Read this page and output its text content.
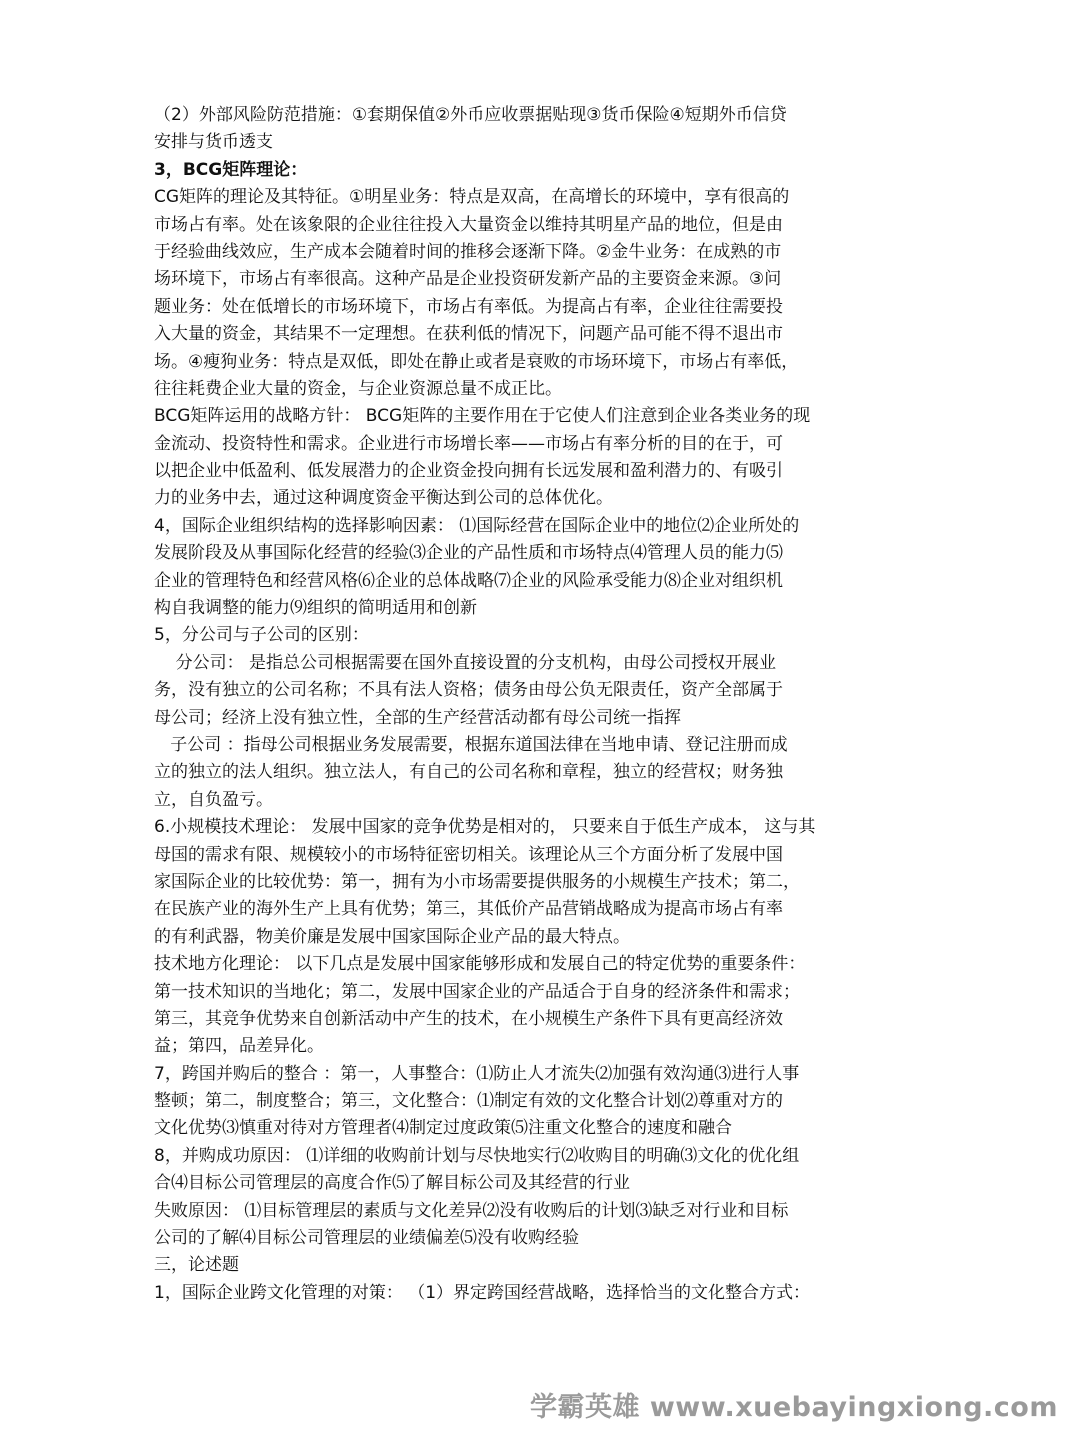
（2）外部风险防范措施：①套期保值②外币应收票据贴现③货币保险④短期外币信贷

安排与货币透支

3，BCG矩阵理论：

CG矩阵的理论及其特征。①明星业务：特点是双高，在高增长的环境中，享有很高的

市场占有率。处在该象限的企业往往投入大量资金以维持其明星产品的地位，但是由

于经验曲线效应，生产成本会随着时间的推移会逐渐下降。②金牛业务：在成熟的市

场环境下，市场占有率很高。这种产品是企业投资研发新产品的主要资金来源。③问

题业务：处在低增长的市场环境下，市场占有率低。为提高占有率，企业往往需要投

入大量的资金，其结果不一定理想。在获利低的情况下，问题产品可能不得不退出市

场。④瘦狗业务：特点是双低，即处在静止或者是衰败的市场环境下，市场占有率低，

往往耗费企业大量的资金，与企业资源总量不成正比。

BCG矩阵运用的战略方针： BCG矩阵的主要作用在于它使人们注意到企业各类业务的现

金流动、投资特性和需求。企业进行市场增长率——市场占有率分析的目的在于，可

以把企业中低盈利、低发展潜力的企业资金投向拥有长远发展和盈利潜力的、有吸引

力的业务中去，通过这种调度资金平衡达到公司的总体优化。

4，国际企业组织结构的选择影响因素： ⑴国际经营在国际企业中的地位⑵企业所处的

发展阶段及从事国际化经营的经验⑶企业的产品性质和市场特点⑷管理人员的能力⑸

企业的管理特色和经营风格⑹企业的总体战略⑺企业的风险承受能力⑻企业对组织机

构自我调整的能力⑼组织的简明适用和创新

5，分公司与子公司的区别：

分公司： 是指总公司根据需要在国外直接设置的分支机构，由母公司授权开展业

务，没有独立的公司名称；不具有法人资格；债务由母公负无限责任，资产全部属于

母公司；经济上没有独立性，全部的生产经营活动都有母公司统一指挥

子公司 ：指母公司根据业务发展需要，根据东道国法律在当地申请、登记注册而成

立的独立的法人组织。独立法人，有自己的公司名称和章程，独立的经营权；财务独

立，自负盈亏。

6.小规模技术理论： 发展中国家的竞争优势是相对的， 只要来自于低生产成本， 这与其

母国的需求有限、规模较小的市场特征密切相关。该理论从三个方面分析了发展中国

家国际企业的比较优势：第一，拥有为小市场需要提供服务的小规模生产技术；第二，

在民族产业的海外生产上具有优势；第三，其低价产品营销战略成为提高市场占有率

的有利武器，物美价廉是发展中国家国际企业产品的最大特点。

技术地方化理论： 以下几点是发展中国家能够形成和发展自己的特定优势的重要条件：

第一技术知识的当地化；第二，发展中国家企业的产品适合于自身的经济条件和需求；

第三，其竞争优势来自创新活动中产生的技术，在小规模生产条件下具有更高经济效

益；第四，品差异化。

7，跨国并购后的整合 ：第一，人事整合：⑴防止人才流失⑵加强有效沟通⑶进行人事

整顿；第二，制度整合；第三，文化整合：⑴制定有效的文化整合计划⑵尊重对方的

文化优势⑶慎重对待对方管理者⑷制定过度政策⑸注重文化整合的速度和融合

8，并购成功原因： ⑴详细的收购前计划与尽快地实行⑵收购目的明确⑶文化的优化组

合⑷目标公司管理层的高度合作⑸了解目标公司及其经营的行业

失败原因： ⑴目标管理层的素质与文化差异⑵没有收购后的计划⑶缺乏对行业和目标

公司的了解⑷目标公司管理层的业绩偏差⑸没有收购经验

三，论述题

1，国际企业跨文化管理的对策： （1）界定跨国经营战略，选择恰当的文化整合方式：

学霸英雄 www.xuebayingxiong.com
